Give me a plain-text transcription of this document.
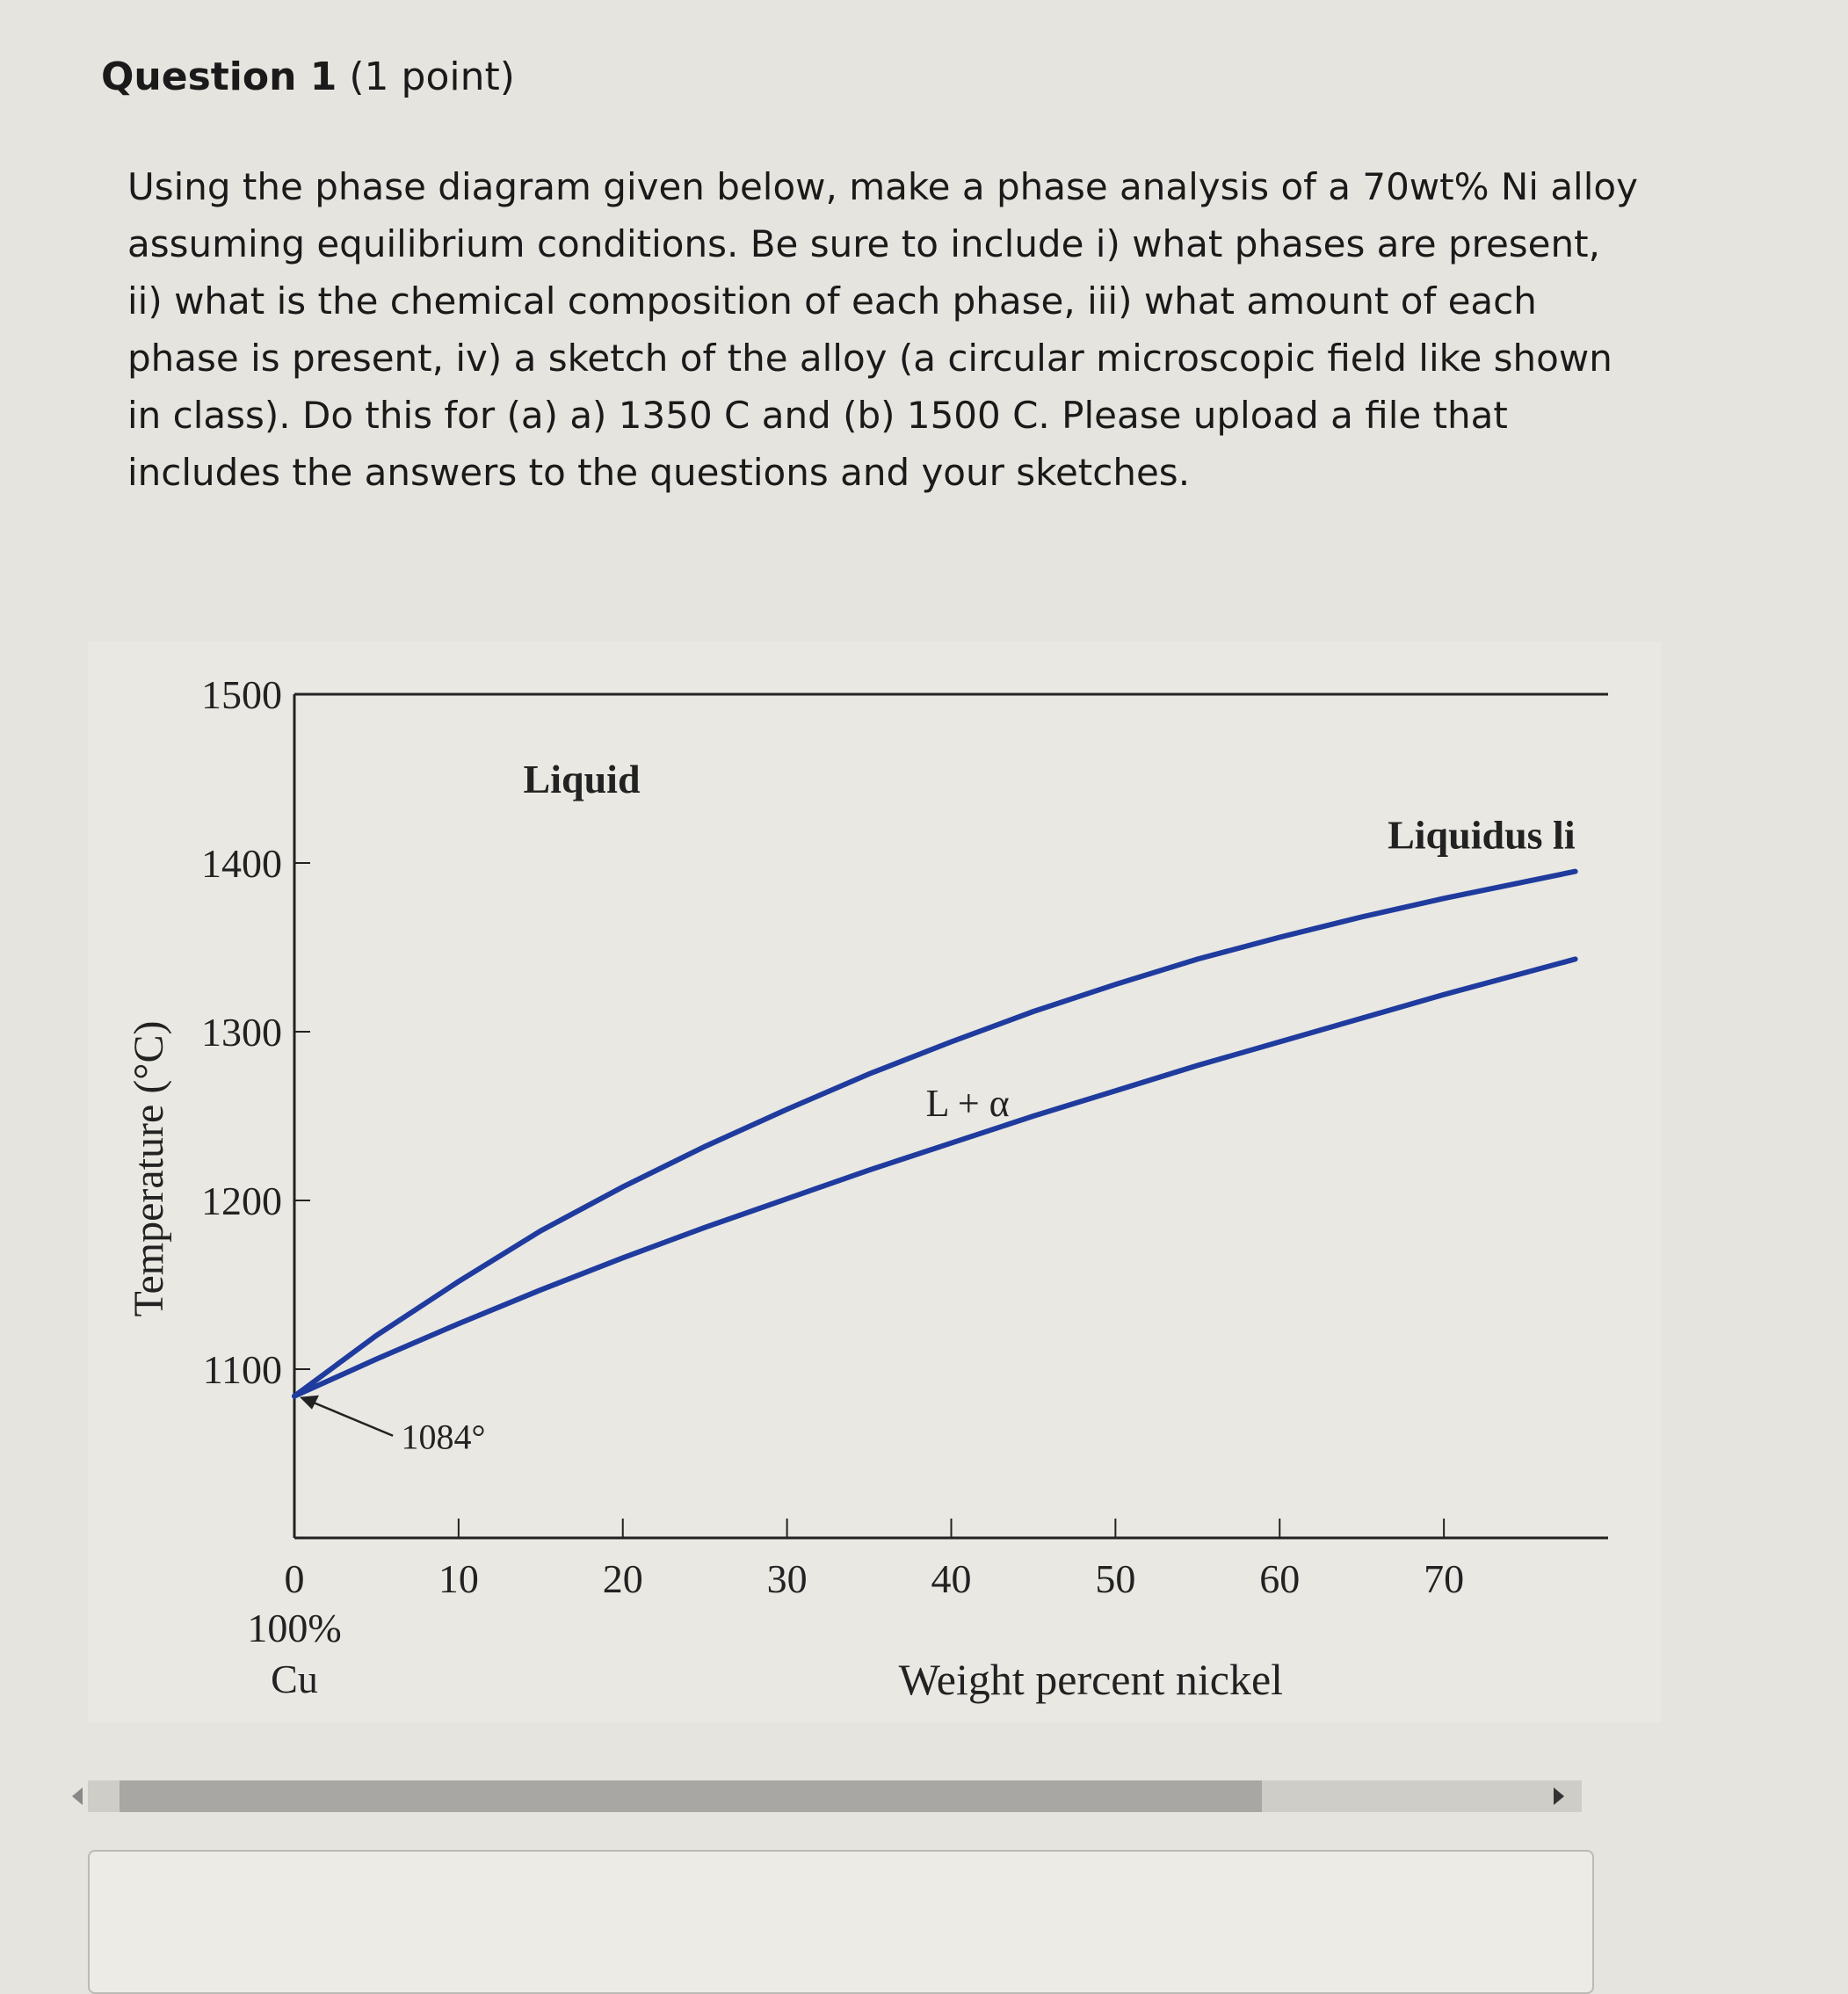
Question 1 (1 point)
Using the phase diagram given below, make a phase analysis of a 70wt% Ni alloy assuming equilibrium conditions. Be sure to include i) what phases are present, ii) what is the chemical composition of each phase, iii) what amount of each phase is present, iv) a sketch of the alloy (a circular microscopic field like shown in class). Do this for (a) a) 1350 C and (b) 1500 C. Please upload a file that includes the answers to the questions and your sketches.
1100
1200
1300
1400
1500
0	10	20	30	40	50	60	70
100%
Cu	Weight percent nickel
Temperature (°C)
Liquidus li
Liquid
L + α
1084°
